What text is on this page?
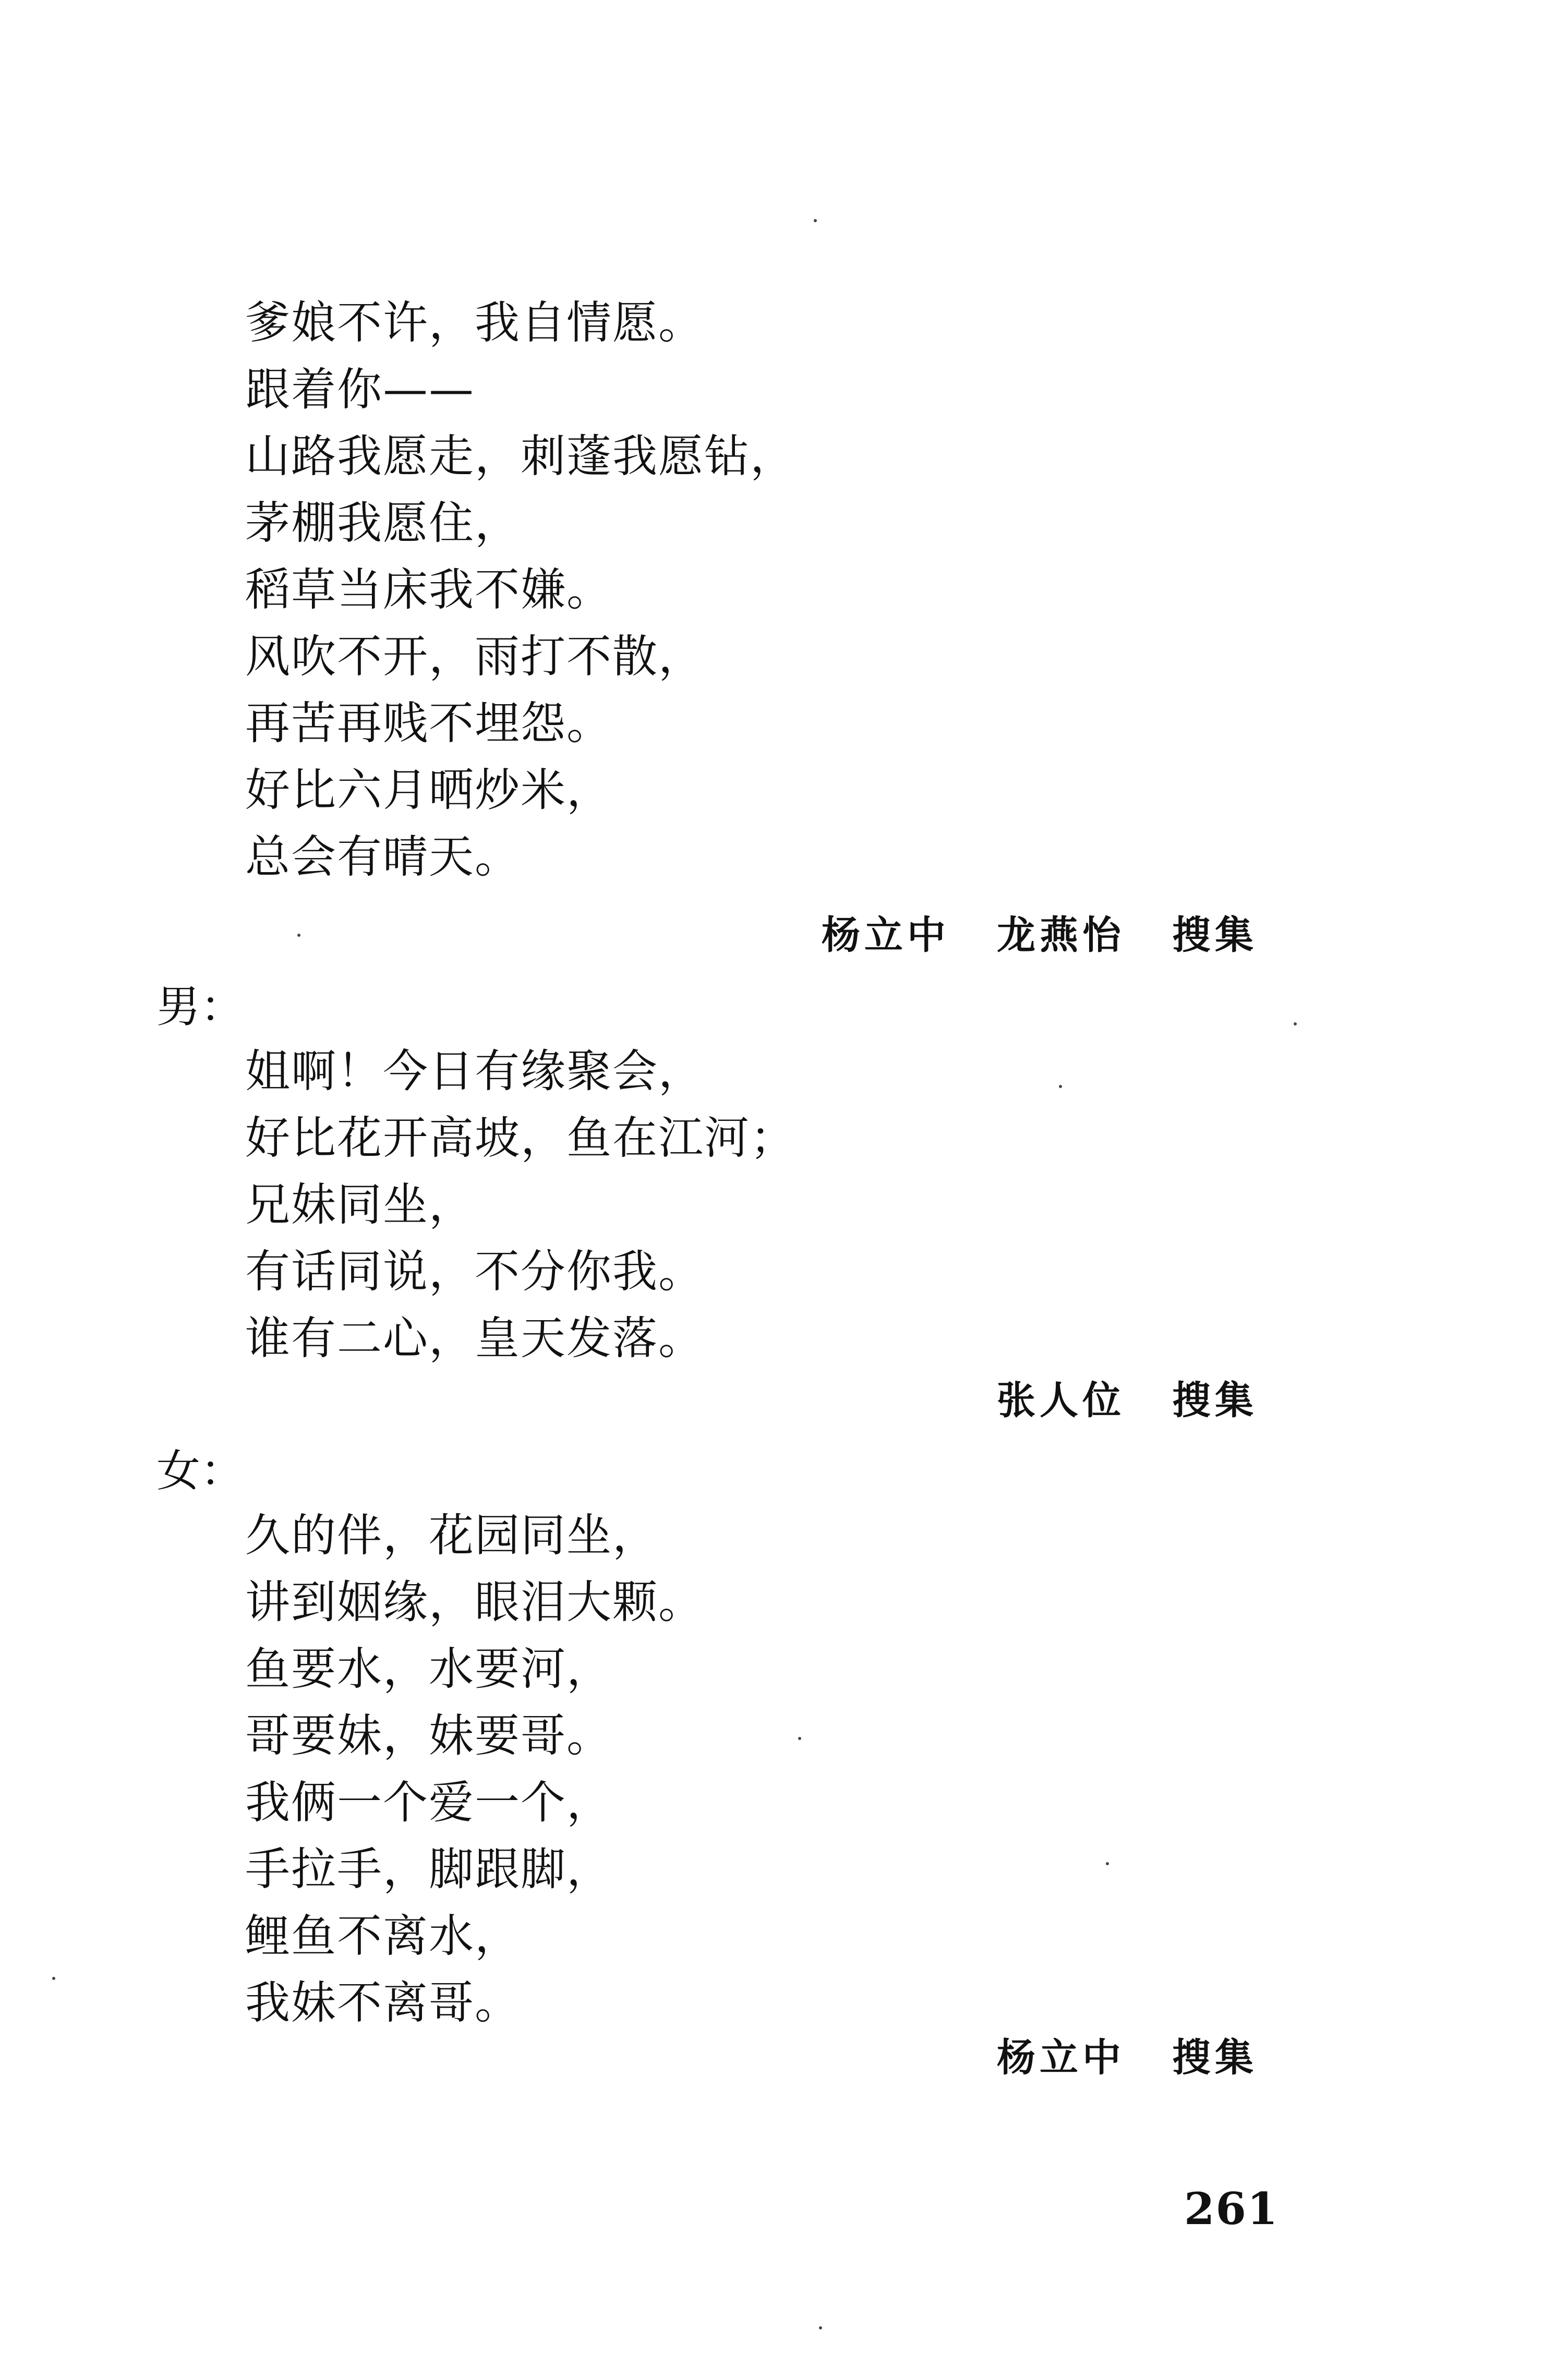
爹娘不许，我自情愿。
跟着你——
山路我愿走，刺蓬我愿钻，
茅棚我愿住，
稻草当床我不嫌。
风吹不开，雨打不散，
再苦再贱不埋怨。
好比六月晒炒米，
总会有晴天。
杨立中 龙燕怡 搜集
男：
姐啊！今日有缘聚会，
好比花开高坡，鱼在江河；
兄妹同坐，
有话同说，不分你我。
谁有二心，皇天发落。
张人位 搜集
女：
久的伴，花园同坐，
讲到姻缘，眼泪大颗。
鱼要水，水要河，
哥要妹，妹要哥。
我俩一个爱一个，
手拉手，脚跟脚，
鲤鱼不离水，
我妹不离哥。
杨立中 搜集
261
